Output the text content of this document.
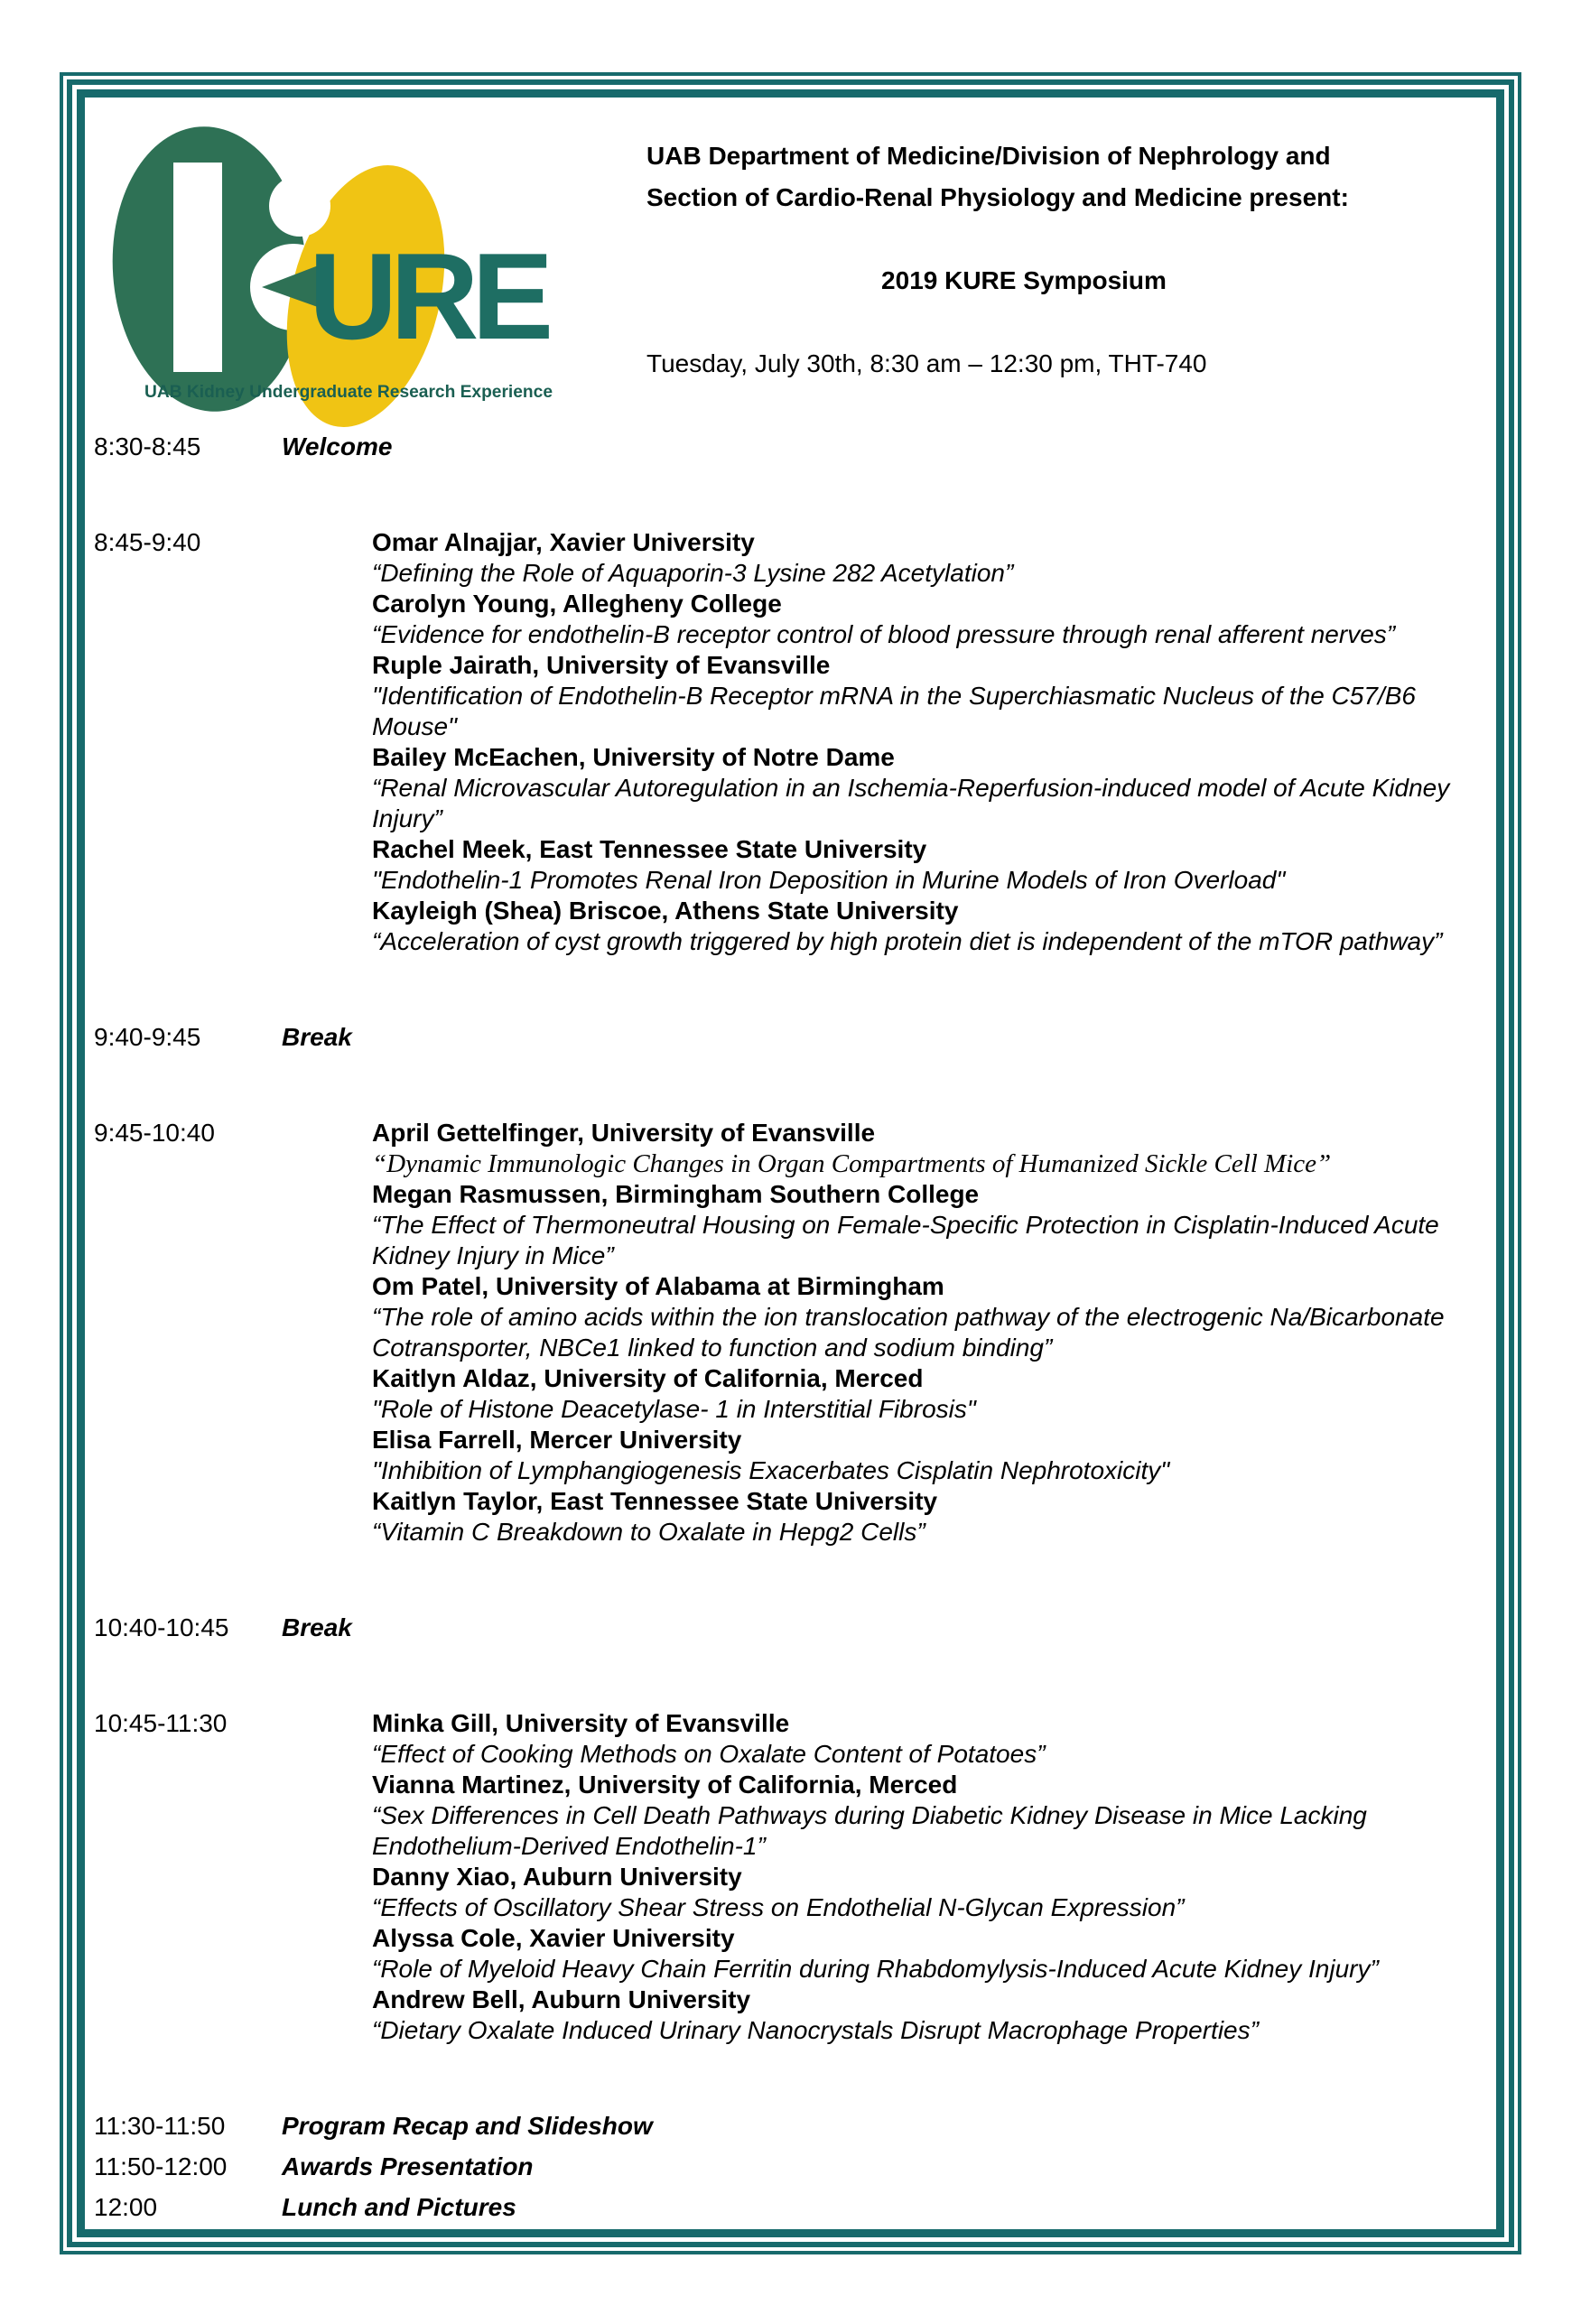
URE
UAB Kidney Undergraduate Research Experience
UAB Department of Medicine/Division of Nephrology and
Section of Cardio-Renal Physiology and Medicine present:
2019 KURE Symposium
Tuesday, July 30th, 8:30 am – 12:30 pm, THT-740
8:30-8:45	Welcome
8:45-9:40	Omar Alnajjar, Xavier University
“Defining the Role of Aquaporin-3 Lysine 282 Acetylation”
Carolyn Young, Allegheny College
“Evidence for endothelin-B receptor control of blood pressure through renal afferent nerves”
Ruple Jairath, University of Evansville
"Identification of Endothelin-B Receptor mRNA in the Superchiasmatic Nucleus of the C57/B6 Mouse"
Bailey McEachen, University of Notre Dame
“Renal Microvascular Autoregulation in an Ischemia-Reperfusion-induced model of Acute Kidney Injury”
Rachel Meek, East Tennessee State University
"Endothelin-1 Promotes Renal Iron Deposition in Murine Models of Iron Overload"
Kayleigh (Shea) Briscoe, Athens State University
“Acceleration of cyst growth triggered by high protein diet is independent of the mTOR pathway”
9:40-9:45	Break
9:45-10:40	April Gettelfinger, University of Evansville
“Dynamic Immunologic Changes in Organ Compartments of Humanized Sickle Cell Mice”
Megan Rasmussen, Birmingham Southern College
“The Effect of Thermoneutral Housing on Female-Specific Protection in Cisplatin-Induced Acute Kidney Injury in Mice”
Om Patel, University of Alabama at Birmingham
“The role of amino acids within the ion translocation pathway of the electrogenic Na/Bicarbonate Cotransporter, NBCe1 linked to function and sodium binding”
Kaitlyn Aldaz, University of California, Merced
"Role of Histone Deacetylase- 1 in Interstitial Fibrosis"
Elisa Farrell, Mercer University
"Inhibition of Lymphangiogenesis Exacerbates Cisplatin Nephrotoxicity"
Kaitlyn Taylor, East Tennessee State University
“Vitamin C Breakdown to Oxalate in Hepg2 Cells”
10:40-10:45	Break
10:45-11:30	Minka Gill, University of Evansville
“Effect of Cooking Methods on Oxalate Content of Potatoes”
Vianna Martinez, University of California, Merced
“Sex Differences in Cell Death Pathways during Diabetic Kidney Disease in Mice Lacking Endothelium-Derived Endothelin-1”
Danny Xiao, Auburn University
“Effects of Oscillatory Shear Stress on Endothelial N-Glycan Expression”
Alyssa Cole, Xavier University
“Role of Myeloid Heavy Chain Ferritin during Rhabdomylysis-Induced Acute Kidney Injury”
Andrew Bell, Auburn University
“Dietary Oxalate Induced Urinary Nanocrystals Disrupt Macrophage Properties”
11:30-11:50	Program Recap and Slideshow
11:50-12:00	Awards Presentation
12:00	Lunch and Pictures
